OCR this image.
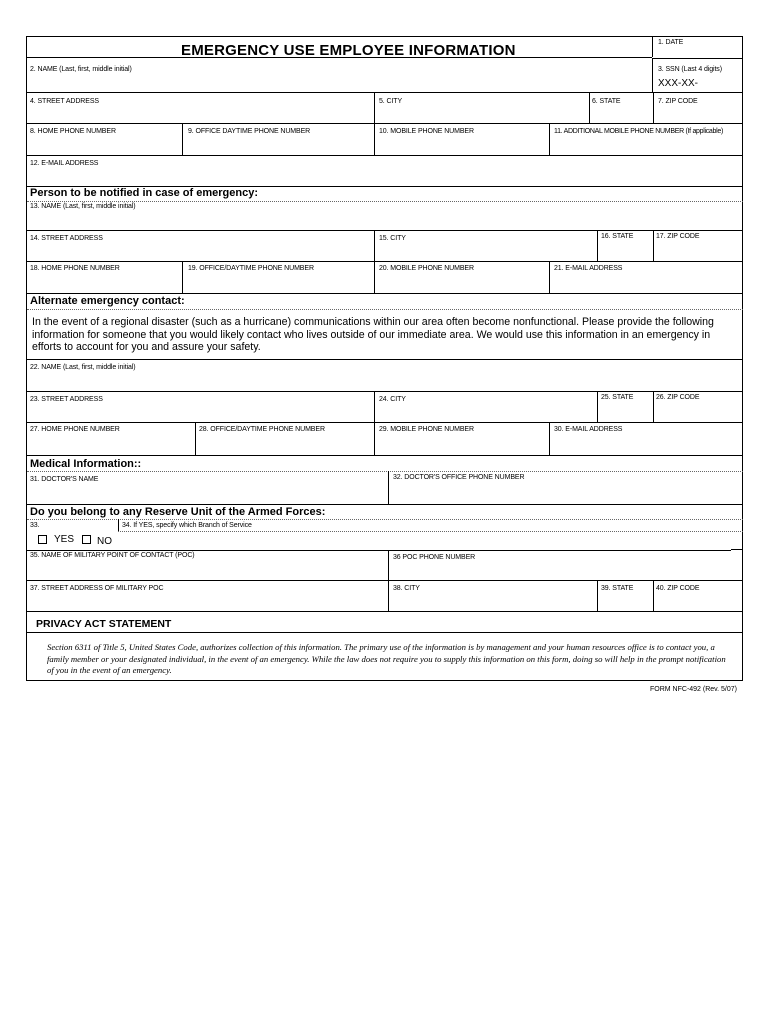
EMERGENCY USE EMPLOYEE INFORMATION	1. DATE
2. NAME (Last, first, middle initial)	3. SSN (Last 4 digits)
XXX-XX-
4. STREET ADDRESS	5. CITY	6. STATE	7. ZIP CODE
8. HOME PHONE NUMBER	9. OFFICE DAYTIME PHONE NUMBER	10. MOBILE PHONE NUMBER	11. ADDITIONAL MOBILE PHONE NUMBER (If applicable)
12. E-MAIL ADDRESS
Person to be notified in case of emergency:
13. NAME (Last, first, middle initial)
14. STREET ADDRESS	15. CITY	16. STATE	17. ZIP CODE
18. HOME PHONE NUMBER	19. OFFICE/DAYTIME PHONE NUMBER	20. MOBILE PHONE NUMBER	21. E-MAIL ADDRESS
Alternate emergency contact:
In the event of a regional disaster (such as a hurricane) communications within our area often become nonfunctional. Please provide the following information for someone that you would likely contact who lives outside of our immediate area. We would use this information in an emergency in efforts to account for you and assure your safety.
22. NAME (Last, first, middle initial)
23. STREET ADDRESS	24. CITY	25. STATE	26. ZIP CODE
27. HOME PHONE NUMBER	28. OFFICE/DAYTIME PHONE NUMBER	29. MOBILE PHONE NUMBER	30. E-MAIL ADDRESS
Medical Information::
31. DOCTOR'S NAME	32. DOCTOR'S OFFICE PHONE NUMBER
Do you belong to any Reserve Unit of the Armed Forces:
33.	34. If YES, specify which Branch of Service
YES NO
35. NAME OF MILITARY POINT OF CONTACT (POC)	36 POC PHONE NUMBER
37. STREET ADDRESS OF MILITARY POC	38. CITY	39. STATE	40. ZIP CODE
PRIVACY ACT STATEMENT
Section 6311 of Title 5, United States Code, authorizes collection of this information. The primary use of the information is by management and your human resources office is to contact you, a family member or your designated individual, in the event of an emergency. While the law does not require you to supply this information on this form, doing so will help in the prompt notification of you in the event of an emergency.
FORM NFC-492 (Rev. 5/07)
